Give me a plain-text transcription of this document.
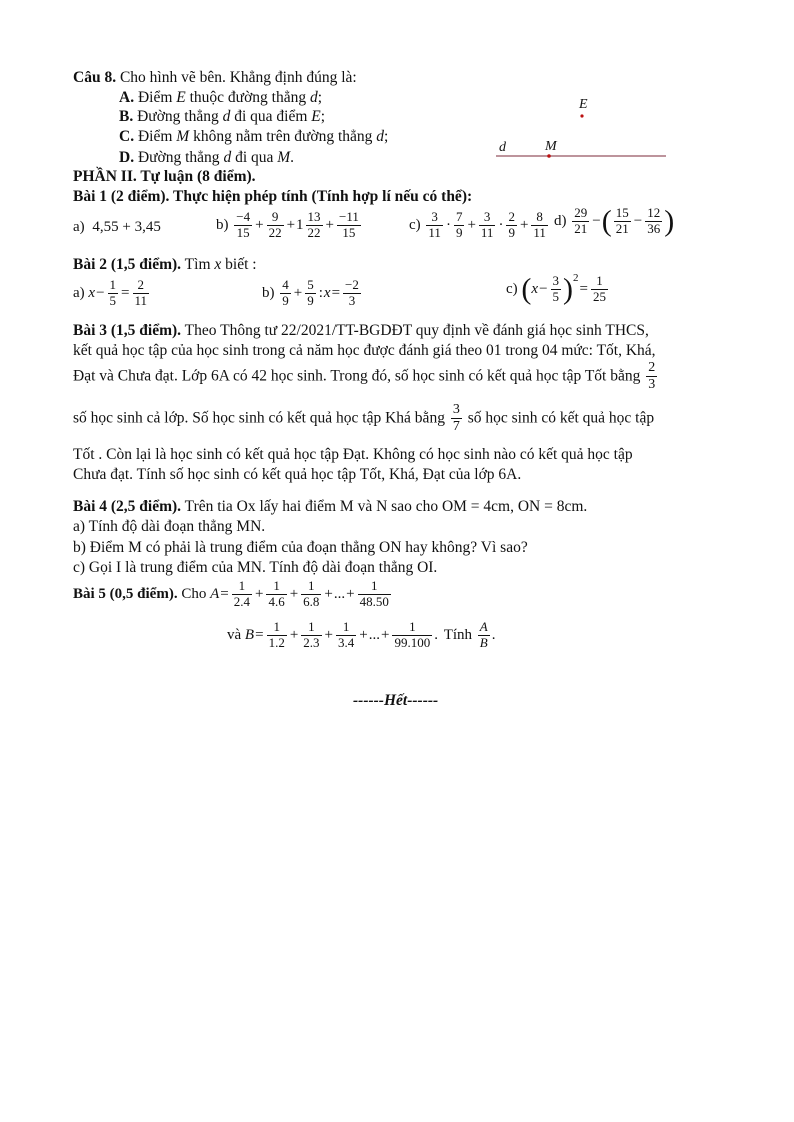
Câu 8. Cho hình vẽ bên. Khẳng định đúng là:
A. Điểm E thuộc đường thẳng d;
B. Đường thẳng d đi qua điểm E;
C. Điểm M không nằm trên đường thẳng d;
D. Đường thẳng d đi qua M.
E
d	M
PHẦN II. Tự luận (8 điểm).
Bài 1 (2 điểm). Thực hiện phép tính (Tính hợp lí nếu có thể):
a) 4,55 + 3,45	$b) \frac{-4}{15} + \frac{9}{22} +1 \frac{13}{22} + \frac{-11}{15}$	$c) \frac{3}{11} \cdot \frac{7}{9} + \frac{3}{11} \cdot \frac{2}{9} + \frac{8}{11} d) \frac{29}{21}$ −( $\frac{15}{21} - \frac{12}{36}$ )
Bài 2 (1,5 điểm). Tìm x biết :
a) $x- \frac{1}{5} = \frac{2}{11}$	$b) \frac{4}{9} + \frac{5}{9}$ :x= $\frac{-2}{3}$	c) $(x- \frac{3}{5} )^2= \frac{1}{25}$
Bài 3 (1,5 điểm). Theo Thông tư 22/2021/TT-BGDĐT quy định về đánh giá học sinh THCS,
kết quả học tập của học sinh trong cả năm học được đánh giá theo 01 trong 04 mức: Tốt, Khá,
Đạt và Chưa đạt. Lớp 6A có 42 học sinh. Trong đó, số học sinh có kết quả học tập Tốt bằng $\frac{2}{3}$
số học sinh cả lớp. Số học sinh có kết quả học tập Khá bằng $\frac{3}{7}$ số học sinh có kết quả học tập
Tốt . Còn lại là học sinh có kết quả học tập Đạt. Không có học sinh nào có kết quả học tập
Chưa đạt. Tính số học sinh có kết quả học tập Tốt, Khá, Đạt của lớp 6A.
Bài 4 (2,5 điểm). Trên tia Ox lấy hai điểm M và N sao cho OM = 4cm, ON = 8cm.
a) Tính độ dài đoạn thẳng MN.
b) Điểm M có phải là trung điểm của đoạn thẳng ON hay không? Vì sao?
c) Gọi I là trung điểm của MN. Tính độ dài đoạn thẳng OI.
Bài 5 (0,5 điểm). Cho $A= \frac{1}{2.4} + \frac{1}{4.6} + \frac{1}{6.8}$ +...+ $\frac{1}{48.50}$
và $B= \frac{1}{1.2} + \frac{1}{2.3} + \frac{1}{3.4}$ +...+ $\frac{1}{99.100}$ . Tính $\frac{A}{B}$ .
------Hết------
